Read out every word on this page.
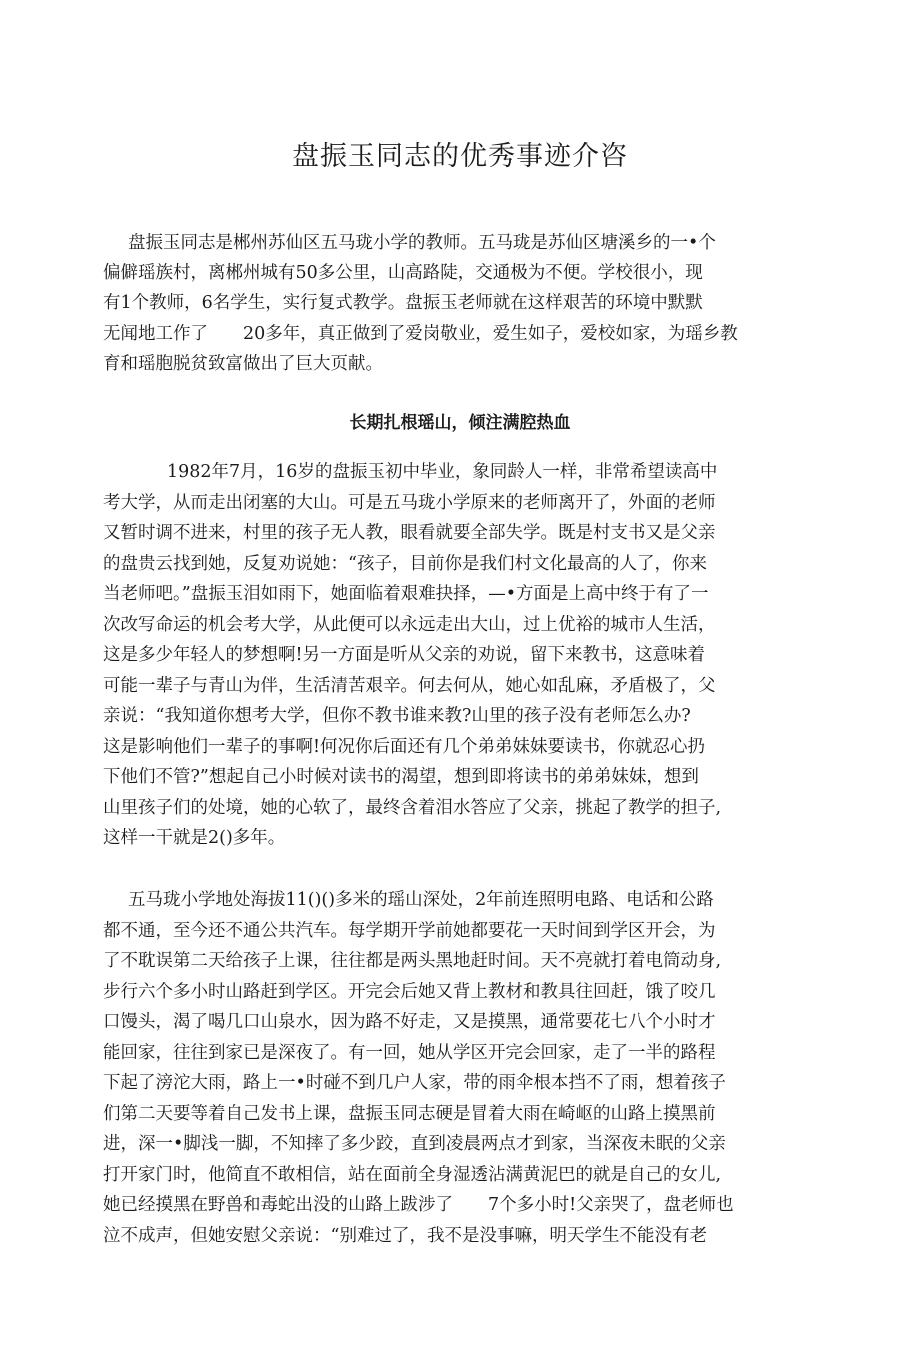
盘振玉同志的优秀事迹介咨

盘振玉同志是郴州苏仙区五马珑小学的教师。五马珑是苏仙区塘溪乡的一•个

偏僻瑶族村，离郴州城有50多公里，山高路陡，交通极为不便。学校很小，现

有1个教师，6名学生，实行复式教学。盘振玉老师就在这样艰苦的环境中默默

无闻地工作了　　20多年，真正做到了爱岗敬业，爱生如子，爱校如家，为瑶乡教

育和瑶胞脱贫致富做出了巨大页献。

长期扎根瑶山，倾注满腔热血

1982年7月，16岁的盘振玉初中毕业，象同龄人一样，非常希望读高中

考大学，从而走出闭塞的大山。可是五马珑小学原来的老师离开了，外面的老师

又暂时调不进来，村里的孩子无人教，眼看就要全部失学。既是村支书又是父亲

的盘贵云找到她，反复劝说她：“孩子，目前你是我们村文化最高的人了，你来

当老师吧。”盘振玉泪如雨下，她面临着艰难抉择，—•方面是上高中终于有了一

次改写命运的机会考大学，从此便可以永远走出大山，过上优裕的城市人生活，

这是多少年轻人的梦想啊!另一方面是听从父亲的劝说，留下来教书，这意味着

可能一辈子与青山为伴，生活清苦艰辛。何去何从，她心如乱麻，矛盾极了，父

亲说：“我知道你想考大学，但你不教书谁来教?山里的孩子没有老师怎么办?

这是影响他们一辈子的事啊!何况你后面还有几个弟弟妹妹要读书，你就忍心扔

下他们不管?”想起自己小时候对读书的渴望，想到即将读书的弟弟妹妹，想到

山里孩子们的处境，她的心软了，最终含着泪水答应了父亲，挑起了教学的担子,

这样一干就是2()多年。

五马珑小学地处海拔11()()多米的瑶山深处，2年前连照明电路、电话和公路

都不通，至今还不通公共汽车。每学期开学前她都要花一天时间到学区开会，为

了不耽误第二天给孩子上课，往往都是两头黑地赶时间。天不亮就打着电筒动身,

步行六个多小时山路赶到学区。开完会后她又背上教材和教具往回赶，饿了咬几

口馒头，渴了喝几口山泉水，因为路不好走，又是摸黑，通常要花七八个小时才

能回家，往往到家已是深夜了。有一回，她从学区开完会回家，走了一半的路程

下起了滂沱大雨，路上一•时碰不到几户人家，带的雨伞根本挡不了雨，想着孩子

们第二天要等着自己发书上课，盘振玉同志硬是冒着大雨在崎岖的山路上摸黑前

进，深一•脚浅一脚，不知摔了多少跤，直到凌晨两点才到家，当深夜未眠的父亲

打开家门时，他简直不敢相信，站在面前全身湿透沾满黄泥巴的就是自己的女儿,

她已经摸黑在野兽和毒蛇出没的山路上跋涉了　　7个多小时!父亲哭了，盘老师也

泣不成声，但她安慰父亲说：“别难过了，我不是没事嘛，明天学生不能没有老
